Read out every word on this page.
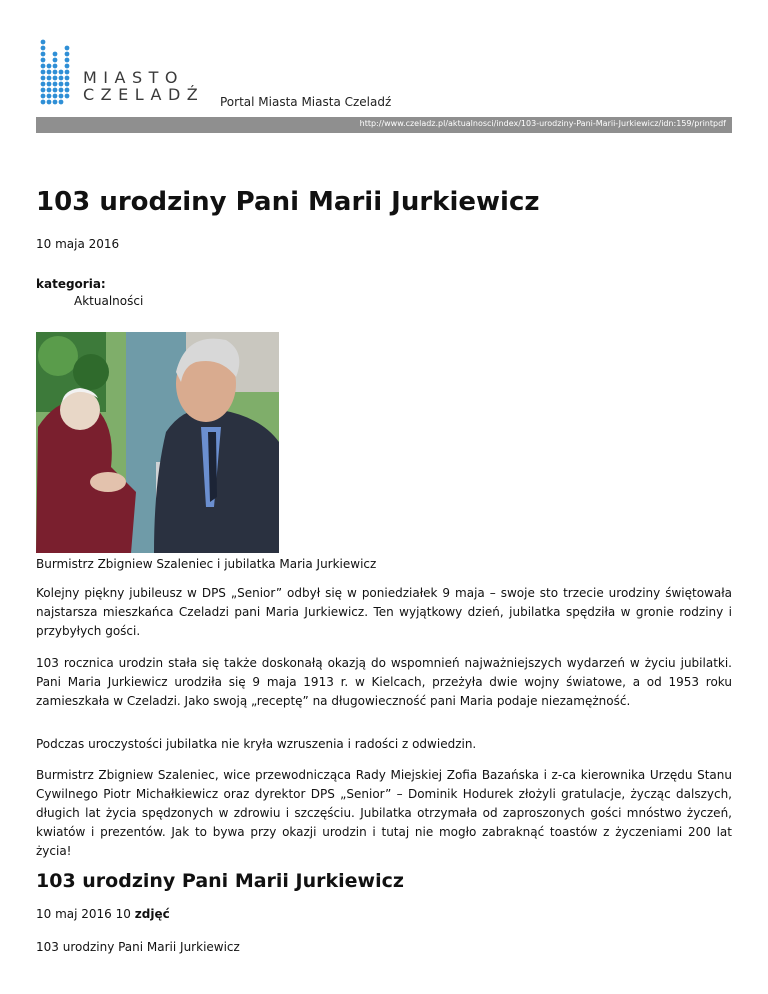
MIASTO
CZELADŹ Portal Miasta Miasta Czeladź
http://www.czeladz.pl/aktualnosci/index/103-urodziny-Pani-Marii-Jurkiewicz/idn:159/printpdf
103 urodziny Pani Marii Jurkiewicz
10 maja 2016
kategoria:
Aktualności
Burmistrz Zbigniew Szaleniec i jubilatka Maria Jurkiewicz

Kolejny piękny jubileusz w DPS „Senior” odbył się w poniedziałek 9 maja – swoje sto trzecie urodziny świętowała najstarsza mieszkańca Czeladzi pani Maria Jurkiewicz. Ten wyjątkowy dzień, jubilatka spędziła w gronie rodziny i przybyłych gości.

103 rocznica urodzin stała się także doskonałą okazją do wspomnień najważniejszych wydarzeń w życiu jubilatki. Pani Maria Jurkiewicz urodziła się 9 maja 1913 r. w Kielcach, przeżyła dwie wojny światowe, a od 1953 roku zamieszkała w Czeladzi. Jako swoją „receptę” na długowieczność pani Maria podaje niezamężność.

Podczas uroczystości jubilatka nie kryła wzruszenia i radości z odwiedzin.

Burmistrz Zbigniew Szaleniec, wice przewodnicząca Rady Miejskiej Zofia Bazańska i z-ca kierownika Urzędu Stanu Cywilnego Piotr Michałkiewicz oraz dyrektor DPS „Senior” – Dominik Hodurek złożyli gratulacje, życząc dalszych, długich lat życia spędzonych w zdrowiu i szczęściu. Jubilatka otrzymała od zaproszonych gości mnóstwo życzeń, kwiatów i prezentów. Jak to bywa przy okazji urodzin i tutaj nie mogło zabraknąć toastów z życzeniami 200 lat życia!

103 urodziny Pani Marii Jurkiewicz
10 maj 2016 10 zdjęć
103 urodziny Pani Marii Jurkiewicz
